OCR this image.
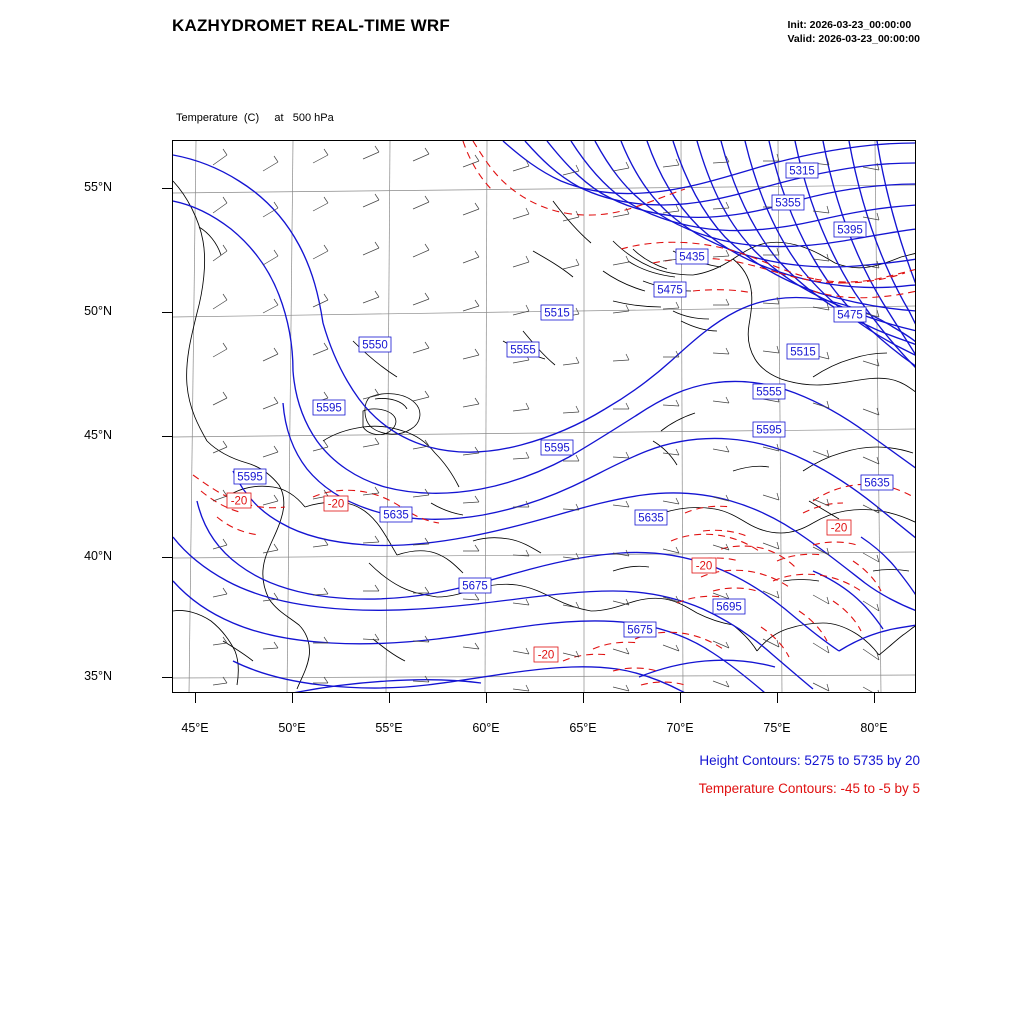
KAZHYDROMET REAL-TIME WRF	Init: 2026-03-23_00:00:00
Valid: 2026-03-23_00:00:00

Temperature  (C)     at   500 hPa

55°N
50°N
45°N
40°N
35°N
45°E	50°E	55°E	60°E	65°E	70°E	75°E	80°E
5315
5355
5395
5435
5475
5475
5515
5515
5555
5550
5555
5595
5595
5595
5595	5635
5635	5635
5675
5695
5675
-20	-20
-20
-20
-20
Height Contours: 5275 to 5735 by 20
Temperature Contours: -45 to -5 by 5
